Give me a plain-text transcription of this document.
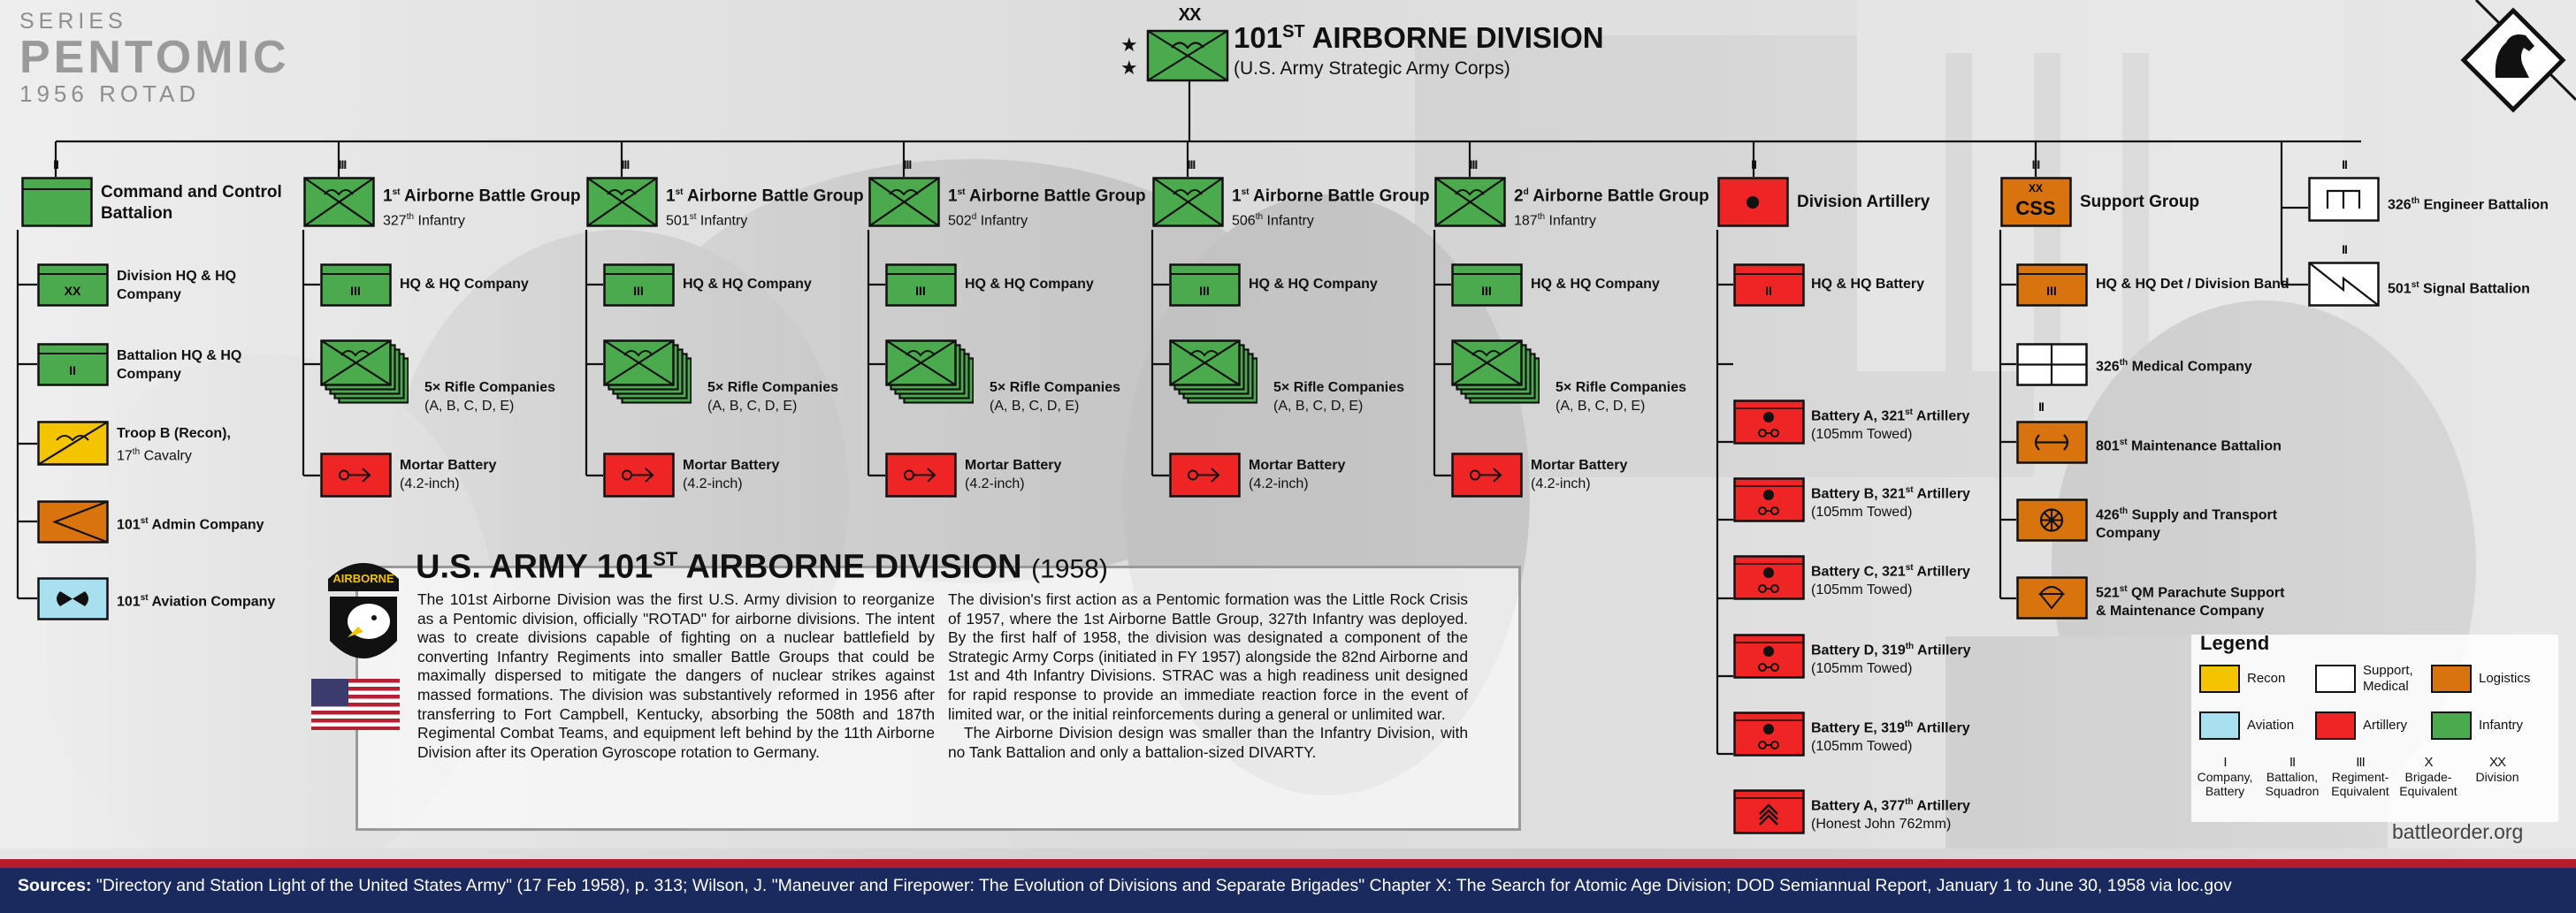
SERIES
PENTOMIC
1956 ROTAD
XX
★
★
101ST AIRBORNE DIVISION
(U.S. Army Strategic Army Corps)
II
Command and Control
Battalion
XX
Division HQ & HQ
Company
II
Battalion HQ & HQ
Company
Troop B (Recon),
17th Cavalry
101st Admin Company
101st Aviation Company
III
1st Airborne Battle Group
327th Infantry
III	HQ & HQ Company
5× Rifle Companies
(A, B, C, D, E)
Mortar Battery
(4.2-inch)
III
1st Airborne Battle Group
501st Infantry
III	HQ & HQ Company
5× Rifle Companies
(A, B, C, D, E)
Mortar Battery
(4.2-inch)
III
1st Airborne Battle Group
502$^d$ Infantry
III	HQ & HQ Company
5× Rifle Companies
(A, B, C, D, E)
Mortar Battery
(4.2-inch)
III
1st Airborne Battle Group
506th Infantry
III	HQ & HQ Company
5× Rifle Companies
(A, B, C, D, E)
Mortar Battery
(4.2-inch)
III
2$^d$ Airborne Battle Group
187th Infantry
III	HQ & HQ Company
5× Rifle Companies
(A, B, C, D, E)
Mortar Battery
(4.2-inch)
II
Division Artillery
II	HQ & HQ Battery
Battery A, 321st Artillery
(105mm Towed)
Battery B, 321st Artillery
(105mm Towed)
Battery C, 321st Artillery
(105mm Towed)
Battery D, 319th Artillery
(105mm Towed)
Battery E, 319th Artillery
(105mm Towed)
Battery A, 377th Artillery
(Honest John 762mm)
III
XX
CSS Support Group
III	HQ & HQ Det / Division Band
326th Medical Company
II
801st Maintenance Battalion
426th Supply and Transport
Company
521st QM Parachute Support
& Maintenance Company
II
326th Engineer Battalion
II
501st Signal Battalion
U.S. ARMY 101ST AIRBORNE DIVISION (1958)
AIRBORNE

The 101st Airborne Division was the first U.S. Army division to reorganize as a Pentomic division, officially "ROTAD" for airborne divisions. The intent was to create divisions capable of fighting on a nuclear battlefield by converting Infantry Regiments into smaller Battle Groups that could be maximally dispersed to mitigate the dangers of nuclear strikes against massed formations. The division was substantively reformed in 1956 after transferring to Fort Campbell, Kentucky, absorbing the 508th and 187th Regimental Combat Teams, and equipment left behind by the 11th Airborne Division after its Operation Gyroscope rotation to Germany.

The division's first action as a Pentomic formation was the Little Rock Crisis of 1957, where the 1st Airborne Battle Group, 327th Infantry was deployed. By the first half of 1958, the division was designated a component of the Strategic Army Corps (initiated in FY 1957) alongside the 82nd Airborne and 1st and 4th Infantry Divisions. STRAC was a high readiness unit designed for rapid response to provide an immediate reaction force in the event of limited war, or the initial reinforcements during a general or unlimited war.

The Airborne Division design was smaller than the Infantry Division, with no Tank Battalion and only a battalion-sized DIVARTY.

Legend
Recon
Support,
Medical
Logistics
Aviation	Artillery	Infantry
I
Company,
Battery
II
Battalion,
Squadron
III
Regiment-
Equivalent
X
Brigade-
Equivalent
XX
Division

battleorder.org
Sources: "Directory and Station Light of the United States Army" (17 Feb 1958), p. 313; Wilson, J. "Maneuver and Firepower: The Evolution of Divisions and Separate Brigades" Chapter X: The Search for Atomic Age Division; DOD Semiannual Report, January 1 to June 30, 1958 via loc.gov
